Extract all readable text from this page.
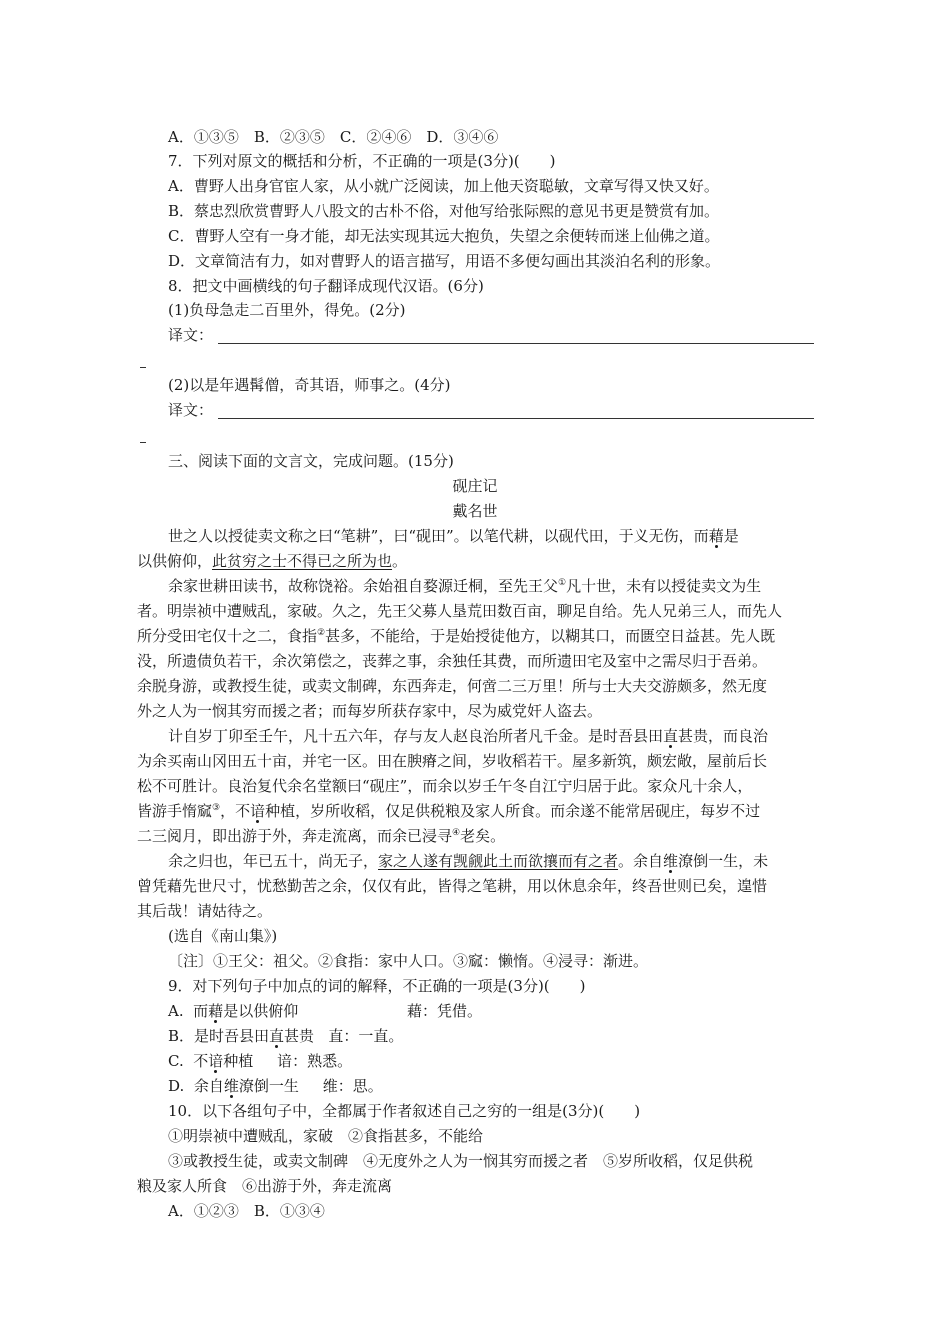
A．①③⑤　B．②③⑤　C．②④⑥　D．③④⑥
7．下列对原文的概括和分析，不正确的一项是(3分)(　　)
A．曹野人出身官宦人家，从小就广泛阅读，加上他天资聪敏，文章写得又快又好。
B．蔡忠烈欣赏曹野人八股文的古朴不俗，对他写给张际熙的意见书更是赞赏有加。
C．曹野人空有一身才能，却无法实现其远大抱负，失望之余便转而迷上仙佛之道。
D．文章简洁有力，如对曹野人的语言描写，用语不多便勾画出其淡泊名利的形象。
8．把文中画横线的句子翻译成现代汉语。(6分)
(1)负母急走二百里外，得免。(2分)
译文：
(2)以是年遇髯僧，奇其语，师事之。(4分)
译文：
三、阅读下面的文言文，完成问题。(15分)
砚庄记
戴名世
世之人以授徒卖文称之曰“笔耕”，曰“砚田”。以笔代耕，以砚代田，于义无伤，而藉是
以供俯仰，此贫穷之士不得已之所为也。
余家世耕田读书，故称饶裕。余始祖自婺源迁桐，至先王父①凡十世，未有以授徒卖文为生
者。明崇祯中遭贼乱，家破。久之，先王父募人垦荒田数百亩，聊足自给。先人兄弟三人，而先人
所分受田宅仅十之二，食指②甚多，不能给，于是始授徒他方，以糊其口，而匮空日益甚。先人既
没，所遗债负若干，余次第偿之，丧葬之事，余独任其费，而所遗田宅及室中之需尽归于吾弟。
余脱身游，或教授生徒，或卖文制碑，东西奔走，何啻二三万里！所与士大夫交游颇多，然无度
外之人为一悯其穷而援之者；而每岁所获存家中，尽为威党奸人盗去。
计自岁丁卯至壬午，凡十五六年，存与友人赵良治所者凡千金。是时吾县田直甚贵，而良治
为余买南山冈田五十亩，并宅一区。田在腴瘠之间，岁收稻若干。屋多新筑，颇宏敞，屋前后长
松不可胜计。良治复代余名堂额曰“砚庄”，而余以岁壬午冬自江宁归居于此。家众凡十余人，
皆游手惰窳③，不谙种植，岁所收稻，仅足供税粮及家人所食。而余遂不能常居砚庄，每岁不过
二三阅月，即出游于外，奔走流离，而余已浸寻④老矣。
余之归也，年已五十，尚无子，家之人遂有觊觎此土而欲攘而有之者。余自维潦倒一生，未
曾凭藉先世尺寸，忧愁勤苦之余，仅仅有此，皆得之笔耕，用以休息余年，终吾世则已矣，遑惜
其后哉！请姑待之。
(选自《南山集》)
〔注〕①王父：祖父。②食指：家中人口。③窳：懒惰。④浸寻：渐进。
9．对下列句子中加点的词的解释，不正确的一项是(3分)(　　)
A. 而藉是以供俯仰	藉：凭借。
B．是时吾县田直甚贵 直：一直。
C. 不谙种植 谙：熟悉。
D. 余自维潦倒一生 维：思。
10．以下各组句子中，全都属于作者叙述自己之穷的一组是(3分)(　　)
①明崇祯中遭贼乱，家破　②食指甚多，不能给
③或教授生徒，或卖文制碑　④无度外之人为一悯其穷而援之者　⑤岁所收稻，仅足供税
粮及家人所食　⑥出游于外，奔走流离
A．①②③　B．①③④
